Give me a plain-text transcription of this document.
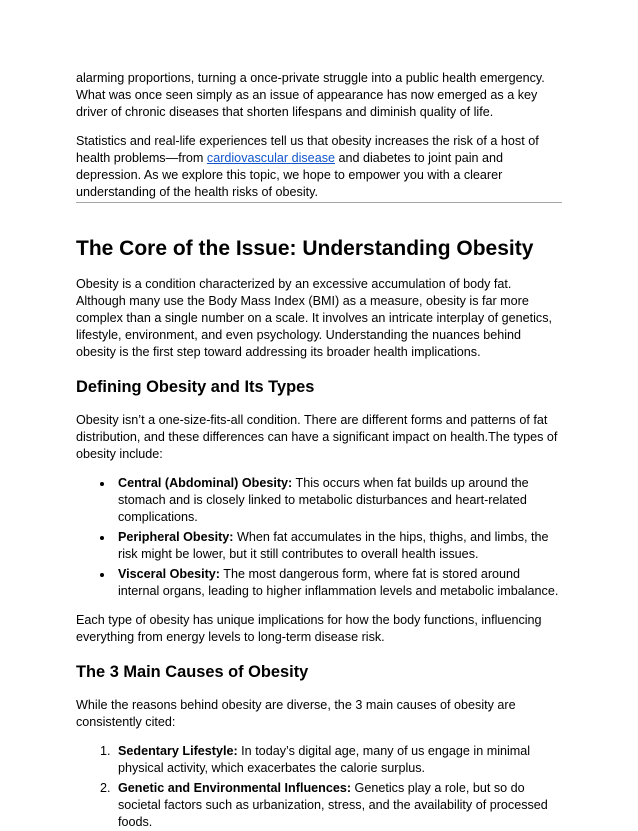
alarming proportions, turning a once-private struggle into a public health emergency. What was once seen simply as an issue of appearance has now emerged as a key driver of chronic diseases that shorten lifespans and diminish quality of life.

Statistics and real-life experiences tell us that obesity increases the risk of a host of health problems—from cardiovascular disease and diabetes to joint pain and depression. As we explore this topic, we hope to empower you with a clearer understanding of the health risks of obesity.

The Core of the Issue: Understanding Obesity

Obesity is a condition characterized by an excessive accumulation of body fat. Although many use the Body Mass Index (BMI) as a measure, obesity is far more complex than a single number on a scale. It involves an intricate interplay of genetics, lifestyle, environment, and even psychology. Understanding the nuances behind obesity is the first step toward addressing its broader health implications.

Defining Obesity and Its Types

Obesity isn’t a one-size-fits-all condition. There are different forms and patterns of fat distribution, and these differences can have a significant impact on health.The types of obesity include:

• Central (Abdominal) Obesity: This occurs when fat builds up around the stomach and is closely linked to metabolic disturbances and heart-related complications.
• Peripheral Obesity: When fat accumulates in the hips, thighs, and limbs, the risk might be lower, but it still contributes to overall health issues.
• Visceral Obesity: The most dangerous form, where fat is stored around internal organs, leading to higher inflammation levels and metabolic imbalance.

Each type of obesity has unique implications for how the body functions, influencing everything from energy levels to long-term disease risk.

The 3 Main Causes of Obesity

While the reasons behind obesity are diverse, the 3 main causes of obesity are consistently cited:

1. Sedentary Lifestyle: In today’s digital age, many of us engage in minimal physical activity, which exacerbates the calorie surplus.
2. Genetic and Environmental Influences: Genetics play a role, but so do societal factors such as urbanization, stress, and the availability of processed foods.
